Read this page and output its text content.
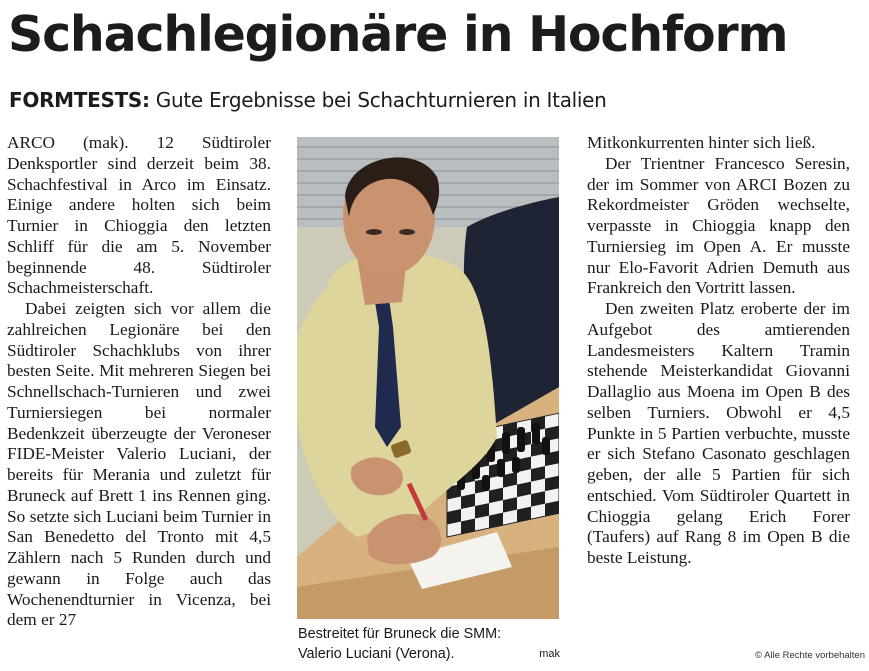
Schachlegionäre in Hochform
FORMTESTS: Gute Ergebnisse bei Schachturnieren in Italien

ARCO (mak). 12 Südtiroler Denksportler sind derzeit beim 38. Schachfestival in Arco im Einsatz. Einige andere holten sich beim Turnier in Chioggia den letzten Schliff für die am 5. November beginnende 48. Südtiroler Schachmeisterschaft.

Dabei zeigten sich vor allem die zahlreichen Legionäre bei den Südtiroler Schachklubs von ihrer besten Seite. Mit mehreren Siegen bei Schnellschach-Turnieren und zwei Turniersiegen bei normaler Bedenkzeit überzeugte der Veroneser FIDE-Meister Valerio Luciani, der bereits für Merania und zuletzt für Bruneck auf Brett 1 ins Rennen ging. So setzte sich Luciani beim Turnier in San Benedetto del Tronto mit 4,5 Zählern nach 5 Runden durch und gewann in Folge auch das Wochenendturnier in Vicenza, bei dem er 27

Bestreitet für Bruneck die SMM:
Valerio Luciani (Verona).	mak

Mitkonkurrenten hinter sich ließ.

Der Trientner Francesco Seresin, der im Sommer von ARCI Bozen zu Rekordmeister Gröden wechselte, verpasste in Chioggia knapp den Turniersieg im Open A. Er musste nur Elo-Favorit Adrien Demuth aus Frankreich den Vortritt lassen.

Den zweiten Platz eroberte der im Aufgebot des amtierenden Landesmeisters Kaltern Tramin stehende Meisterkandidat Giovanni Dallaglio aus Moena im Open B des selben Turniers. Obwohl er 4,5 Punkte in 5 Partien verbuchte, musste er sich Stefano Casonato geschlagen geben, der alle 5 Partien für sich entschied. Vom Südtiroler Quartett in Chioggia gelang Erich Forer (Taufers) auf Rang 8 im Open B die beste Leistung.

© Alle Rechte vorbehalten
